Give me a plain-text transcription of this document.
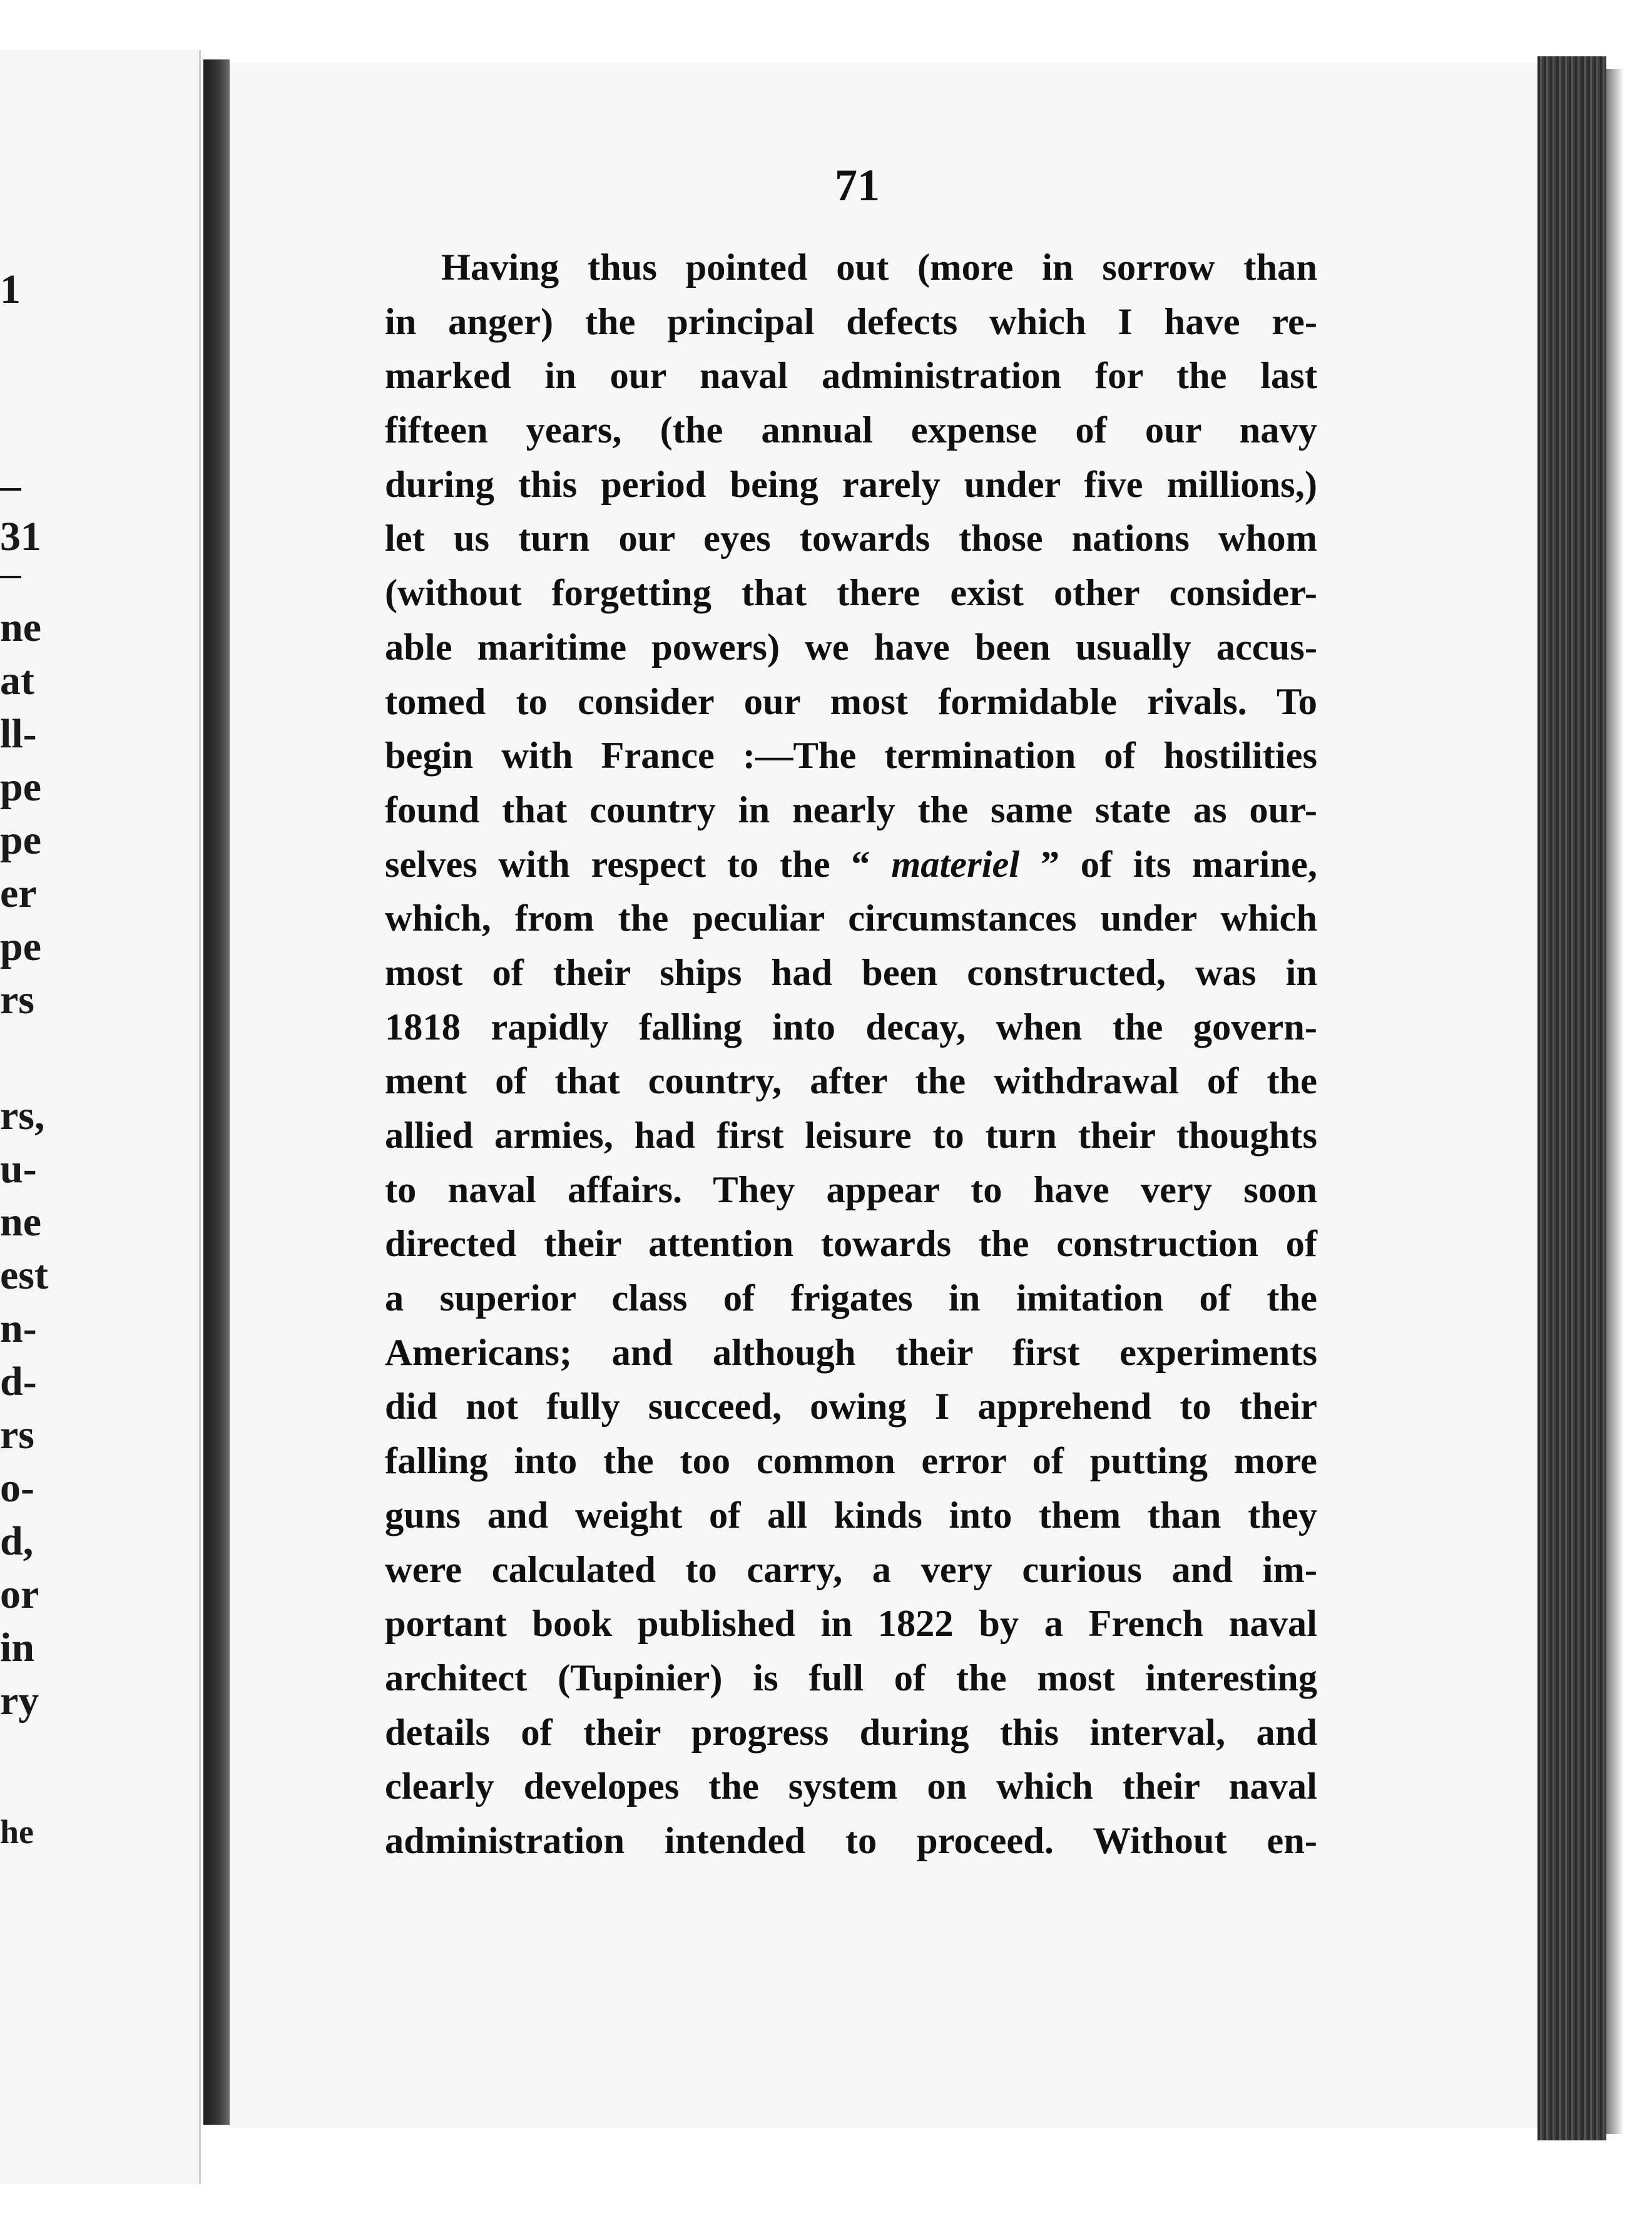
1
31
ne
at
ll-
pe
pe
er
pe
rs
rs,
u-
ne
est
n-
d-
rs
o-
d,
or
in
ry
he
71
Having thus pointed out (more in sorrow than
in anger) the principal defects which I have re-
marked in our naval administration for the last
fifteen years, (the annual expense of our navy
during this period being rarely under five millions,)
let us turn our eyes towards those nations whom
(without forgetting that there exist other consider-
able maritime powers) we have been usually accus-
tomed to consider our most formidable rivals. To
begin with France :—The termination of hostilities
found that country in nearly the same state as our-
selves with respect to the “ materiel ” of its marine,
which, from the peculiar circumstances under which
most of their ships had been constructed, was in
1818 rapidly falling into decay, when the govern-
ment of that country, after the withdrawal of the
allied armies, had first leisure to turn their thoughts
to naval affairs. They appear to have very soon
directed their attention towards the construction of
a superior class of frigates in imitation of the
Americans; and although their first experiments
did not fully succeed, owing I apprehend to their
falling into the too common error of putting more
guns and weight of all kinds into them than they
were calculated to carry, a very curious and im-
portant book published in 1822 by a French naval
architect (Tupinier) is full of the most interesting
details of their progress during this interval, and
clearly developes the system on which their naval
administration intended to proceed. Without en-
